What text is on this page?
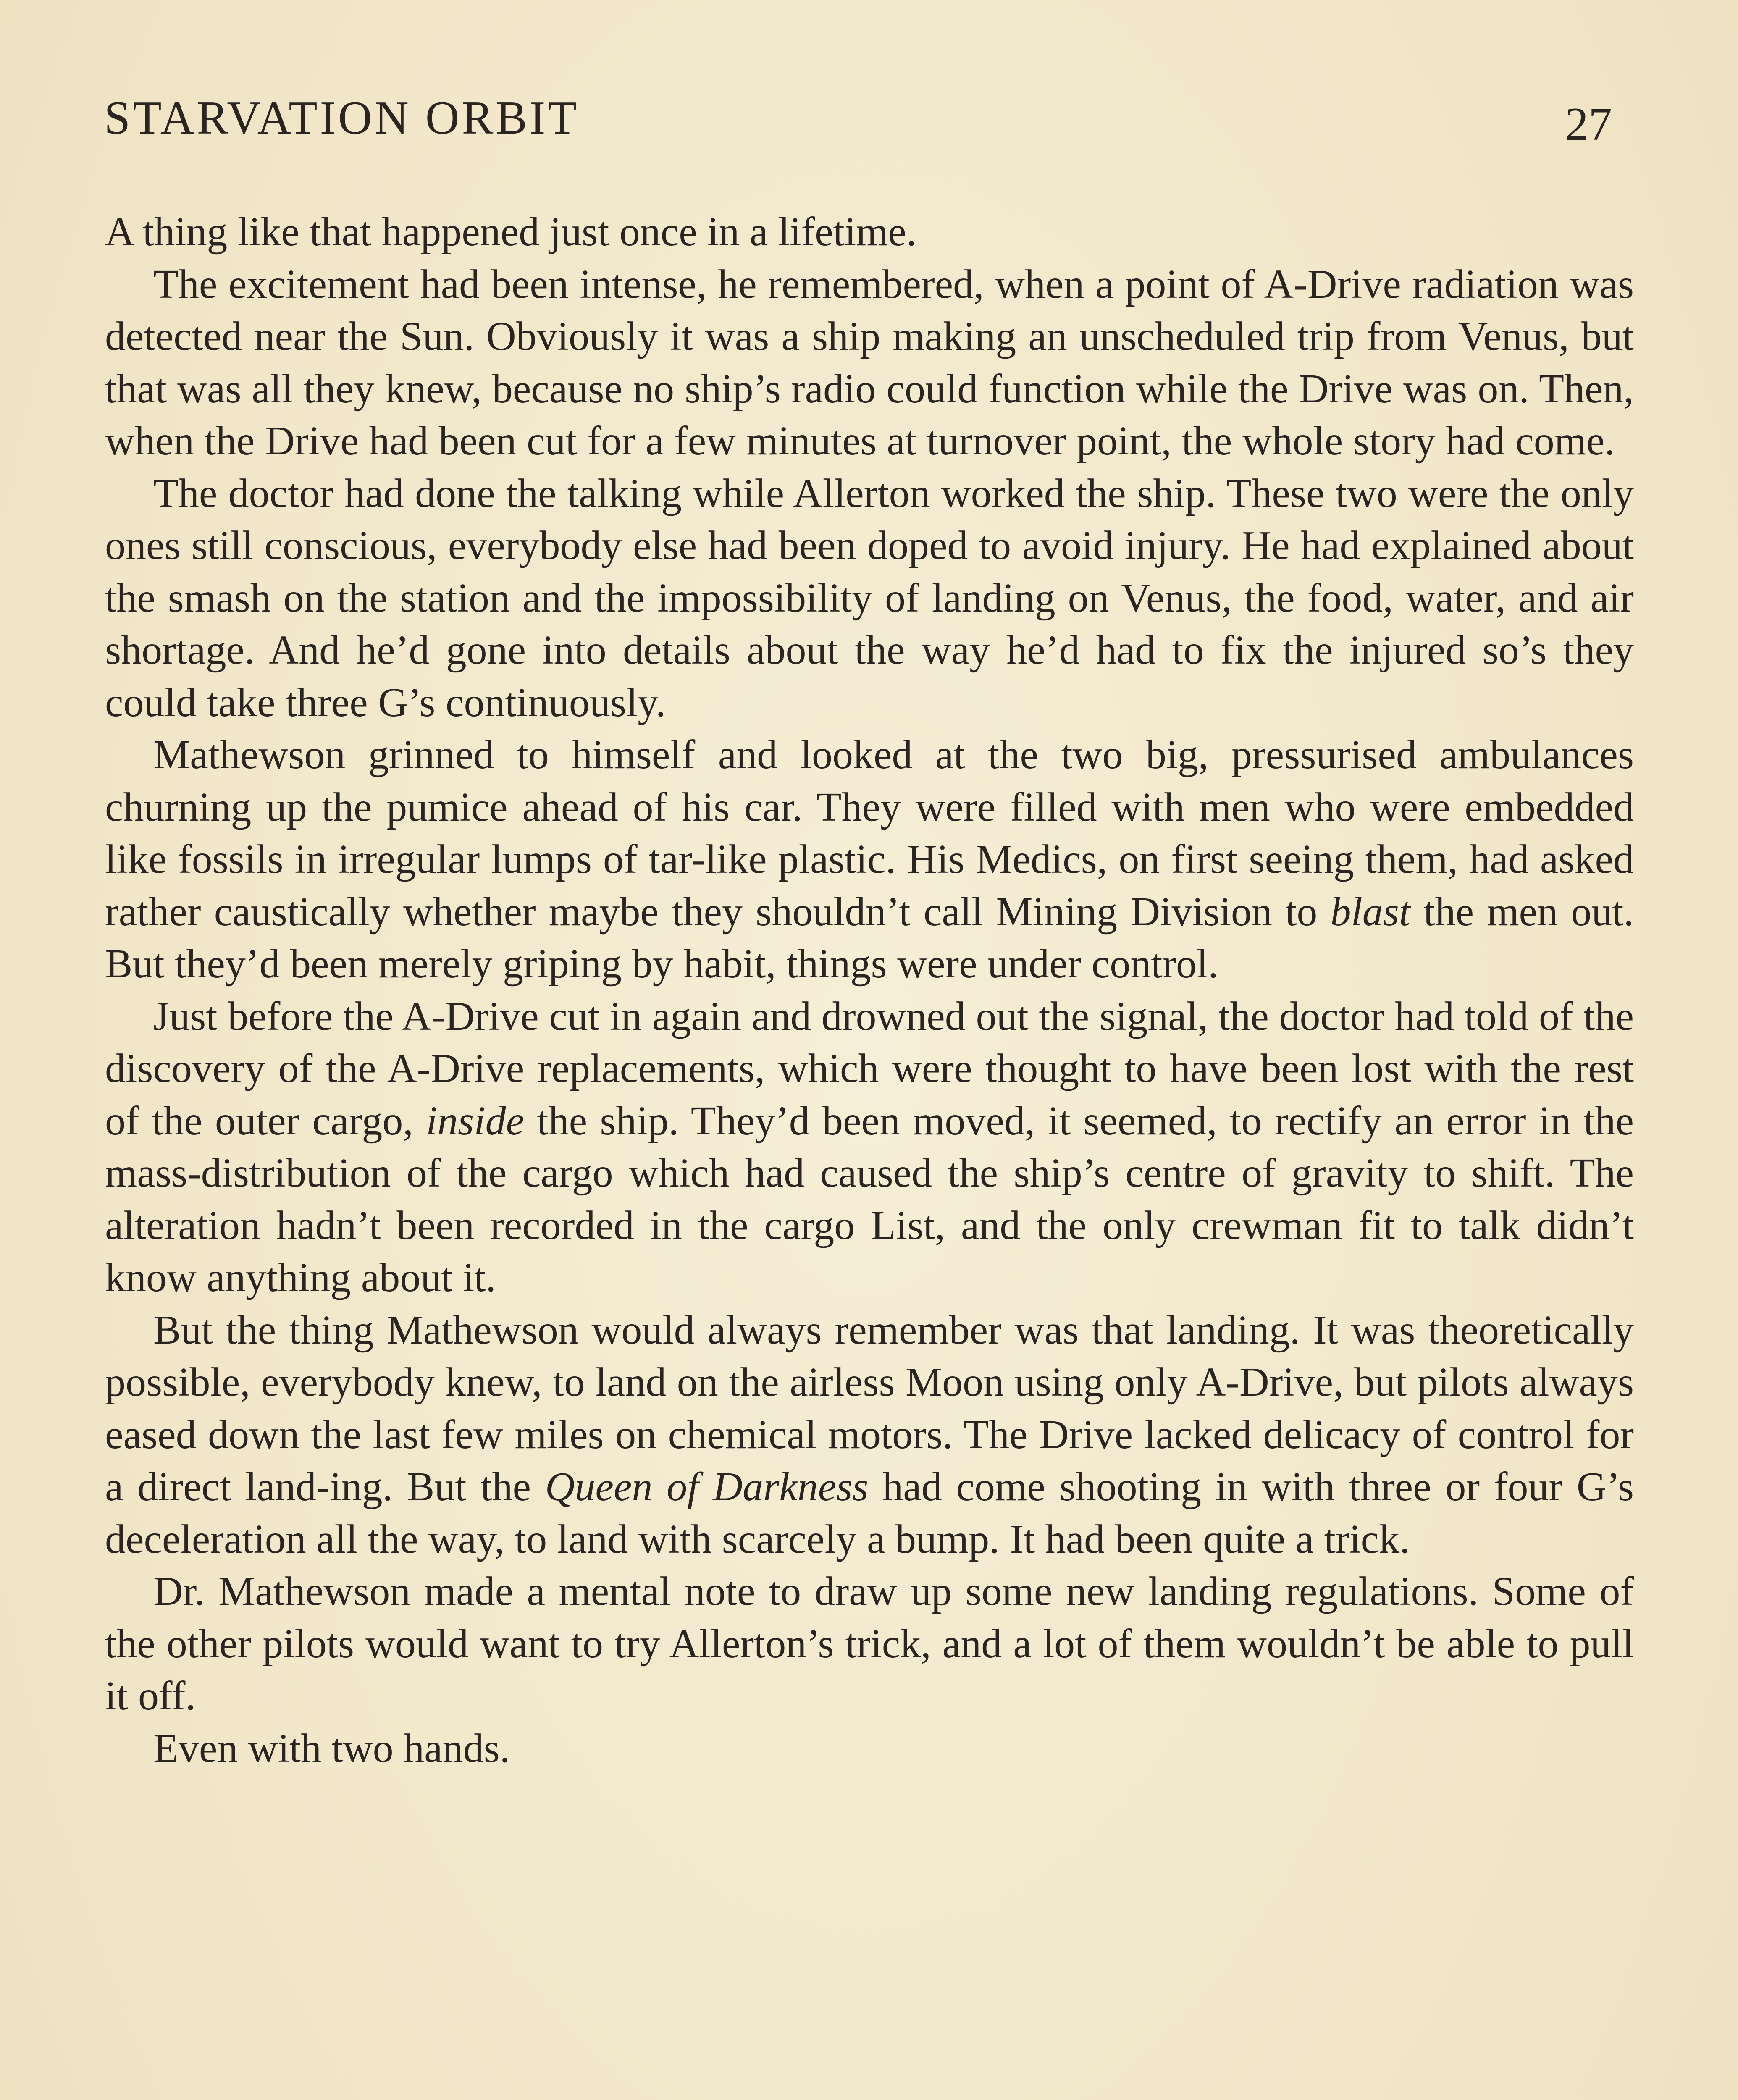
STARVATION ORBIT	27

A thing like that happened just once in a lifetime.

The excitement had been intense, he remembered, when a point of A-Drive radiation was detected near the Sun. Obviously it was a ship making an unscheduled trip from Venus, but that was all they knew, because no ship’s radio could function while the Drive was on. Then, when the Drive had been cut for a few minutes at turnover point, the whole story had come.

The doctor had done the talking while Allerton worked the ship. These two were the only ones still conscious, everybody else had been doped to avoid injury. He had explained about the smash on the station and the impossibility of landing on Venus, the food, water, and air shortage. And he’d gone into details about the way he’d had to fix the injured so’s they could take three G’s continuously.

Mathewson grinned to himself and looked at the two big, pressurised ambulances churning up the pumice ahead of his car. They were filled with men who were embedded like fossils in irregular lumps of tar-like plastic. His Medics, on first seeing them, had asked rather caustically whether maybe they shouldn’t call Mining Division to blast the men out. But they’d been merely griping by habit, things were under control.

Just before the A-Drive cut in again and drowned out the signal, the doctor had told of the discovery of the A-Drive replacements, which were thought to have been lost with the rest of the outer cargo, inside the ship. They’d been moved, it seemed, to rectify an error in the mass-distribution of the cargo which had caused the ship’s centre of gravity to shift. The alteration hadn’t been recorded in the cargo List, and the only crewman fit to talk didn’t know anything about it.

But the thing Mathewson would always remember was that landing. It was theoretically possible, everybody knew, to land on the airless Moon using only A-Drive, but pilots always eased down the last few miles on chemical motors. The Drive lacked delicacy of control for a direct land-ing. But the Queen of Darkness had come shooting in with three or four G’s deceleration all the way, to land with scarcely a bump. It had been quite a trick.

Dr. Mathewson made a mental note to draw up some new landing regulations. Some of the other pilots would want to try Allerton’s trick, and a lot of them wouldn’t be able to pull it off.

Even with two hands.
